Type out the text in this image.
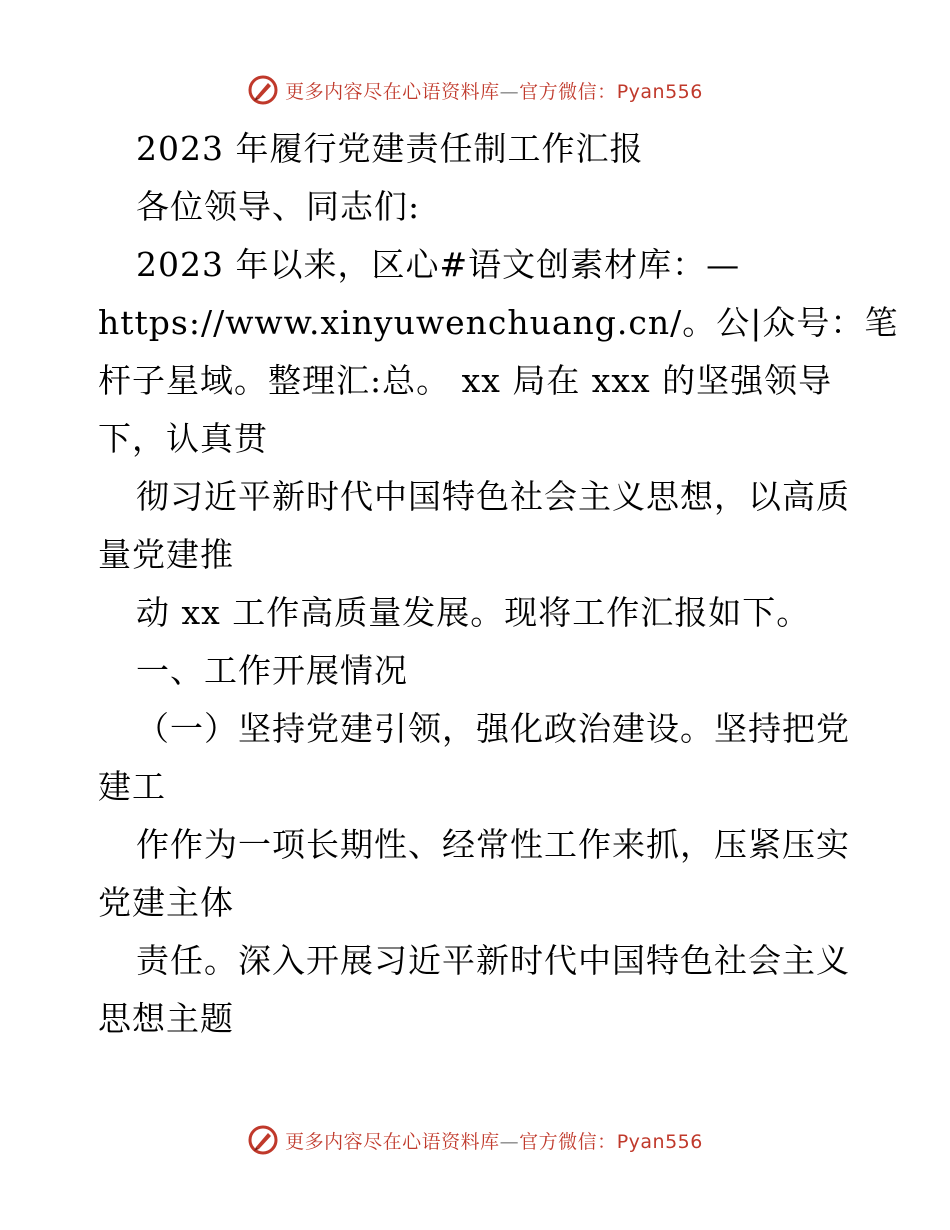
更多内容尽在心语资料库—官方微信：Pyan556
2023 年履行党建责任制工作汇报
各位领导、同志们:
2023 年以来，区心#语文创素材库：—
https://www.xinyuwenchuang.cn/。公|众号：笔
杆子星域。整理汇:总。 xx 局在 xxx 的坚强领导
下，认真贯
彻习近平新时代中国特色社会主义思想，以高质
量党建推
动 xx 工作高质量发展。现将工作汇报如下。
一、工作开展情况
（一）坚持党建引领，强化政治建设。坚持把党
建工
作作为一项长期性、经常性工作来抓，压紧压实
党建主体
责任。深入开展习近平新时代中国特色社会主义
思想主题
更多内容尽在心语资料库—官方微信：Pyan556
